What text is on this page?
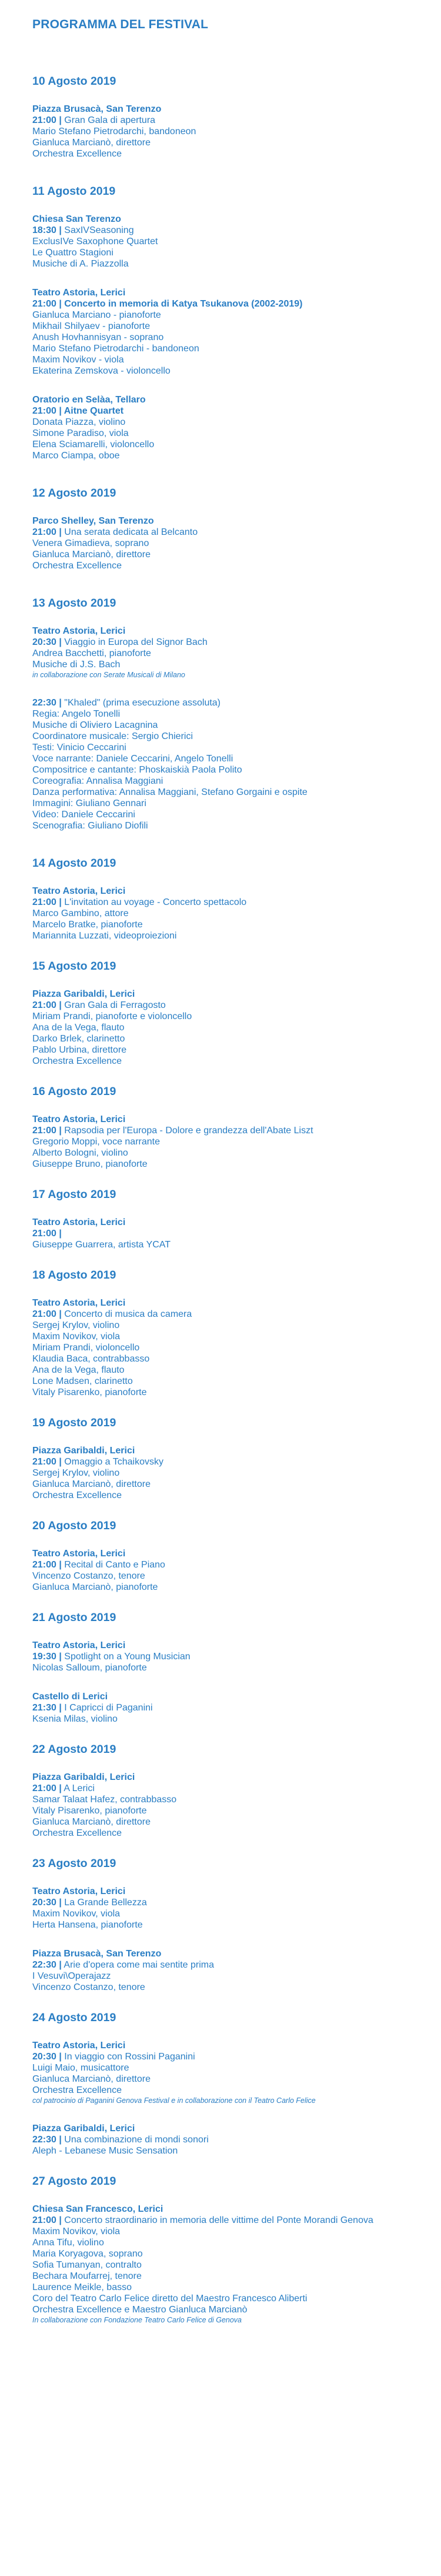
PROGRAMMA DEL FESTIVAL
10 Agosto 2019
Piazza Brusacà, San Terenzo
21:00 | Gran Gala di apertura
Mario Stefano Pietrodarchi, bandoneon
Gianluca Marcianò, direttore
Orchestra Excellence
11 Agosto 2019
Chiesa San Terenzo
18:30 | SaxIVSeasoning
ExclusIVe Saxophone Quartet
Le Quattro Stagioni
Musiche di A. Piazzolla
Teatro Astoria, Lerici
21:00 | Concerto in memoria di Katya Tsukanova (2002-2019)
Gianluca Marciano - pianoforte
Mikhail Shilyaev - pianoforte
Anush Hovhannisyan - soprano
Mario Stefano Pietrodarchi - bandoneon
Maxim Novikov - viola
Ekaterina Zemskova - violoncello
Oratorio en Selàa, Tellaro
21:00 | Aitne Quartet
Donata Piazza, violino
Simone Paradiso, viola
Elena Sciamarelli, violoncello
Marco Ciampa, oboe
12 Agosto 2019
Parco Shelley, San Terenzo
21:00 | Una serata dedicata al Belcanto
Venera Gimadieva, soprano
Gianluca Marcianò, direttore
Orchestra Excellence
13 Agosto 2019
Teatro Astoria, Lerici
20:30 | Viaggio in Europa del Signor Bach
Andrea Bacchetti, pianoforte
Musiche di J.S. Bach
in collaborazione con Serate Musicali di Milano
22:30 | "Khaled" (prima esecuzione assoluta)
Regia: Angelo Tonelli
Musiche di Oliviero Lacagnina
Coordinatore musicale: Sergio Chierici
Testi: Vinicio Ceccarini
Voce narrante: Daniele Ceccarini, Angelo Tonelli
Compositrice e cantante: Phoskaiskià Paola Polito
Coreografia: Annalisa Maggiani
Danza performativa: Annalisa Maggiani, Stefano Gorgaini e ospite
Immagini: Giuliano Gennari
Video: Daniele Ceccarini
Scenografia: Giuliano Diofili
14 Agosto 2019
Teatro Astoria, Lerici
21:00 | L'invitation au voyage - Concerto spettacolo
Marco Gambino, attore
Marcelo Bratke, pianoforte
Mariannita Luzzati, videoproiezioni
15 Agosto 2019
Piazza Garibaldi, Lerici
21:00 | Gran Gala di Ferragosto
Miriam Prandi, pianoforte e violoncello
Ana de la Vega, flauto
Darko Brlek, clarinetto
Pablo Urbina, direttore
Orchestra Excellence
16 Agosto 2019
Teatro Astoria, Lerici
21:00 | Rapsodia per l'Europa - Dolore e grandezza dell'Abate Liszt
Gregorio Moppi, voce narrante
Alberto Bologni, violino
Giuseppe Bruno, pianoforte
17 Agosto 2019
Teatro Astoria, Lerici
21:00 |
Giuseppe Guarrera, artista YCAT
18 Agosto 2019
Teatro Astoria, Lerici
21:00 | Concerto di musica da camera
Sergej Krylov, violino
Maxim Novikov, viola
Miriam Prandi, violoncello
Klaudia Baca, contrabbasso
Ana de la Vega, flauto
Lone Madsen, clarinetto
Vitaly Pisarenko, pianoforte
19 Agosto 2019
Piazza Garibaldi, Lerici
21:00 | Omaggio a Tchaikovsky
Sergej Krylov, violino
Gianluca Marcianò, direttore
Orchestra Excellence
20 Agosto 2019
Teatro Astoria, Lerici
21:00 | Recital di Canto e Piano
Vincenzo Costanzo, tenore
Gianluca Marcianò, pianoforte
21 Agosto 2019
Teatro Astoria, Lerici
19:30 | Spotlight on a Young Musician
Nicolas Salloum, pianoforte
Castello di Lerici
21:30 | I Capricci di Paganini
Ksenia Milas, violino
22 Agosto 2019
Piazza Garibaldi, Lerici
21:00 | A Lerici
Samar Talaat Hafez, contrabbasso
Vitaly Pisarenko, pianoforte
Gianluca Marcianò, direttore
Orchestra Excellence
23 Agosto 2019
Teatro Astoria, Lerici
20:30 | La Grande Bellezza
Maxim Novikov, viola
Herta Hansena, pianoforte
Piazza Brusacà, San Terenzo
22:30 | Arie d'opera come mai sentite prima
I Vesuvi\Operajazz
Vincenzo Costanzo, tenore
24 Agosto 2019
Teatro Astoria, Lerici
20:30 | In viaggio con Rossini Paganini
Luigi Maio, musicattore
Gianluca Marcianò, direttore
Orchestra Excellence
col patrocinio di Paganini Genova Festival e in collaborazione con il Teatro Carlo Felice
Piazza Garibaldi, Lerici
22:30 | Una combinazione di mondi sonori
Aleph - Lebanese Music Sensation
27 Agosto 2019
Chiesa San Francesco, Lerici
21:00 | Concerto straordinario in memoria delle vittime del Ponte Morandi Genova
Maxim Novikov, viola
Anna Tifu, violino
Maria Koryagova, soprano
Sofia Tumanyan, contralto
Bechara Moufarrej, tenore
Laurence Meikle, basso
Coro del Teatro Carlo Felice diretto del Maestro Francesco Aliberti
Orchestra Excellence e Maestro Gianluca Marcianò
In collaborazione con Fondazione Teatro Carlo Felice di Genova
